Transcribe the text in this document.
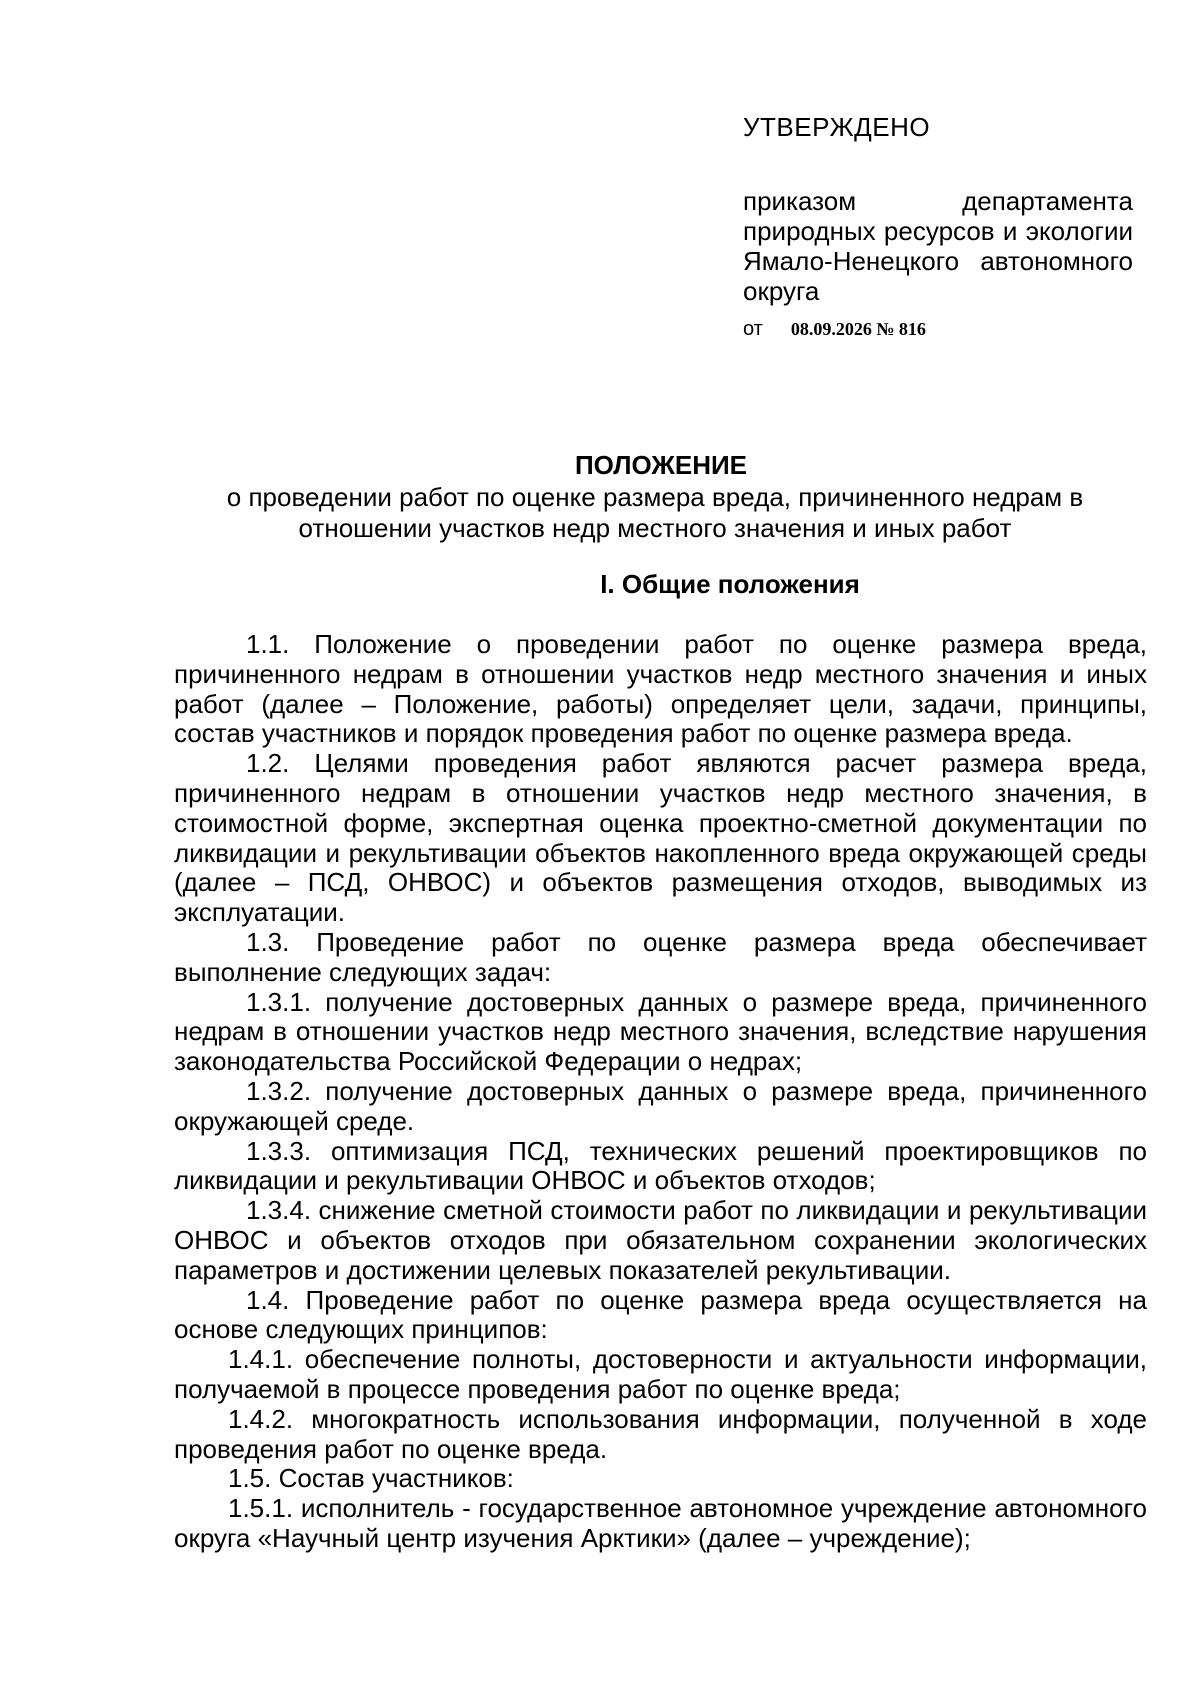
УТВЕРЖДЕНО

приказом департамента природных ресурсов и экологии Ямало-Ненецкого автономного округа

от 08.09.2026 № 816

ПОЛОЖЕНИЕ

о проведении работ по оценке размера вреда, причиненного недрам в отношении участков недр местного значения и иных работ

I. Общие положения

1.1. Положение о проведении работ по оценке размера вреда, причиненного недрам в отношении участков недр местного значения и иных работ (далее – Положение, работы) определяет цели, задачи, принципы, состав участников и порядок проведения работ по оценке размера вреда.

1.2. Целями проведения работ являются расчет размера вреда, причиненного недрам в отношении участков недр местного значения, в стоимостной форме, экспертная оценка проектно-сметной документации по ликвидации и рекультивации объектов накопленного вреда окружающей среды (далее – ПСД, ОНВОС) и объектов размещения отходов, выводимых из эксплуатации.

1.3. Проведение работ по оценке размера вреда обеспечивает выполнение следующих задач:

1.3.1. получение достоверных данных о размере вреда, причиненного недрам в отношении участков недр местного значения, вследствие нарушения законодательства Российской Федерации о недрах;

1.3.2. получение достоверных данных о размере вреда, причиненного окружающей среде.

1.3.3. оптимизация ПСД, технических решений проектировщиков по ликвидации и рекультивации ОНВОС и объектов отходов;

1.3.4. снижение сметной стоимости работ по ликвидации и рекультивации ОНВОС и объектов отходов при обязательном сохранении экологических параметров и достижении целевых показателей рекультивации.

1.4. Проведение работ по оценке размера вреда осуществляется на основе следующих принципов:

1.4.1. обеспечение полноты, достоверности и актуальности информации, получаемой в процессе проведения работ по оценке вреда;

1.4.2. многократность использования информации, полученной в ходе проведения работ по оценке вреда.

1.5. Состав участников:

1.5.1. исполнитель - государственное автономное учреждение автономного округа «Научный центр изучения Арктики» (далее – учреждение);
